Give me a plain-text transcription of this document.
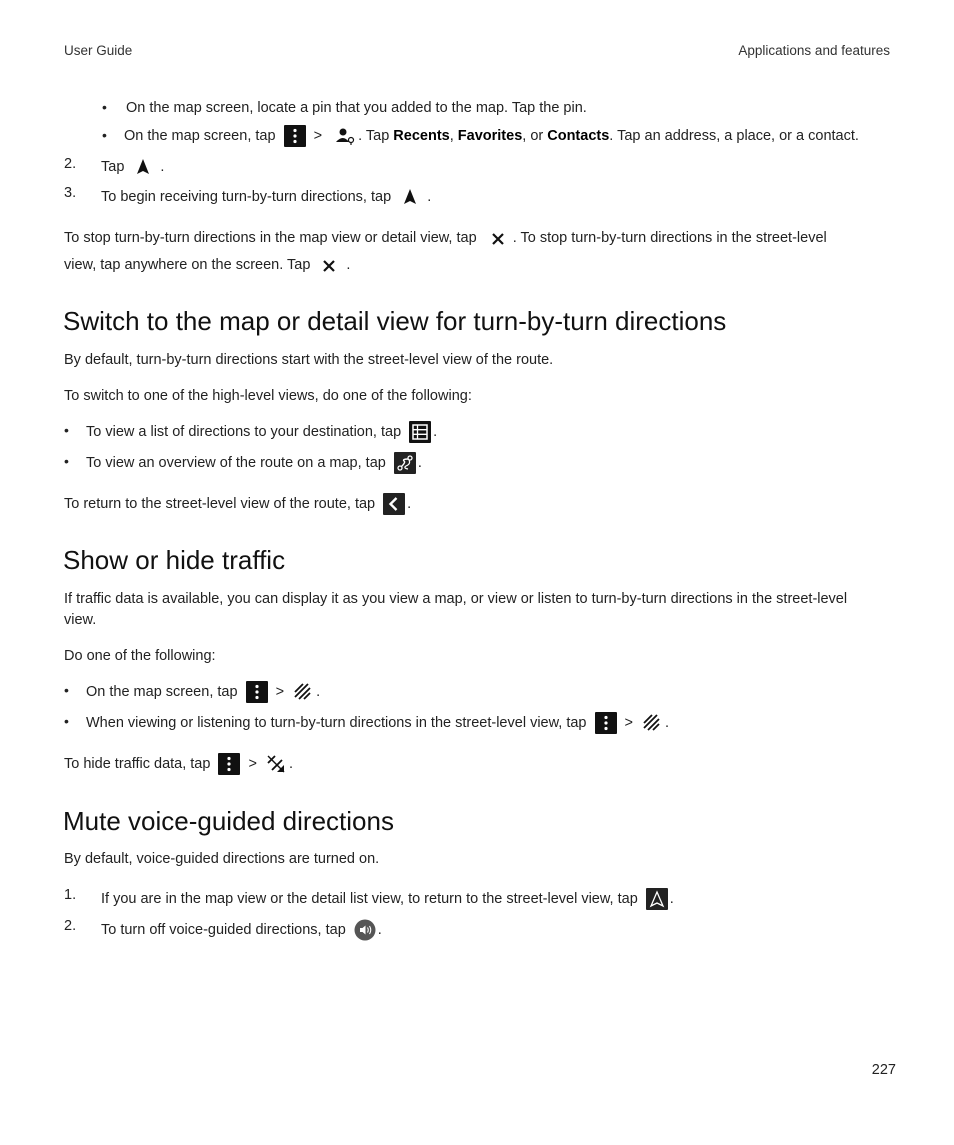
User Guide	Applications and features
• On the map screen, locate a pin that you added to the map. Tap the pin.
• On the map screen, tap	> . Tap Recents, Favorites, or Contacts. Tap an address, a place, or a contact.
2. Tap .
3. To begin receiving turn-by-turn directions, tap .
To stop turn-by-turn directions in the map view or detail view, tap . To stop turn-by-turn directions in the street-level
view, tap anywhere on the screen. Tap .
Switch to the map or detail view for turn-by-turn directions
By default, turn-by-turn directions start with the street-level view of the route.
To switch to one of the high-level views, do one of the following:
• To view a list of directions to your destination, tap .
• To view an overview of the route on a map, tap .
To return to the street-level view of the route, tap .
Show or hide traffic
If traffic data is available, you can display it as you view a map, or view or listen to turn-by-turn directions in the street-level
view.
Do one of the following:
• On the map screen, tap	> .
• When viewing or listening to turn-by-turn directions in the street-level view, tap	> .
To hide traffic data, tap	> .
Mute voice-guided directions
By default, voice-guided directions are turned on.
1. If you are in the map view or the detail list view, to return to the street-level view, tap .
2. To turn off voice-guided directions, tap .
227
